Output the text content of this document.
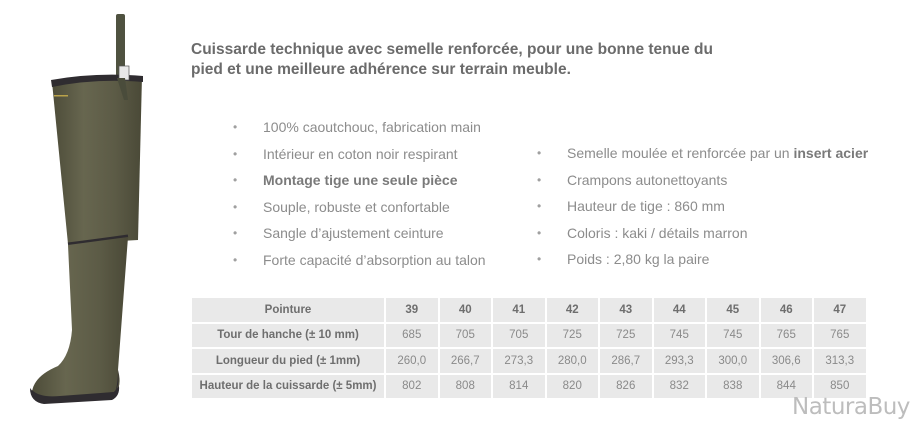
Cuissarde technique avec semelle renforcée, pour une bonne tenue du pied et une meilleure adhérence sur terrain meuble.
• 100% caoutchouc, fabrication main
• Intérieur en coton noir respirant
• Montage tige une seule pièce
• Souple, robuste et confortable
• Sangle d’ajustement ceinture
• Forte capacité d’absorption au talon
• Semelle moulée et renforcée par un insert acier
• Crampons autonettoyants
• Hauteur de tige : 860 mm
• Coloris : kaki / détails marron
• Poids : 2,80 kg la paire
Pointure	39	40	41	42	43	44	45	46	47
Tour de hanche (± 10 mm)	685	705	705	725	725	745	745	765	765
Longueur du pied (± 1mm)	260,0	266,7	273,3	280,0	286,7	293,3	300,0	306,6	313,3
Hauteur de la cuissarde (± 5mm)	802	808	814	820	826	832	838	844	850
NaturaBuy
